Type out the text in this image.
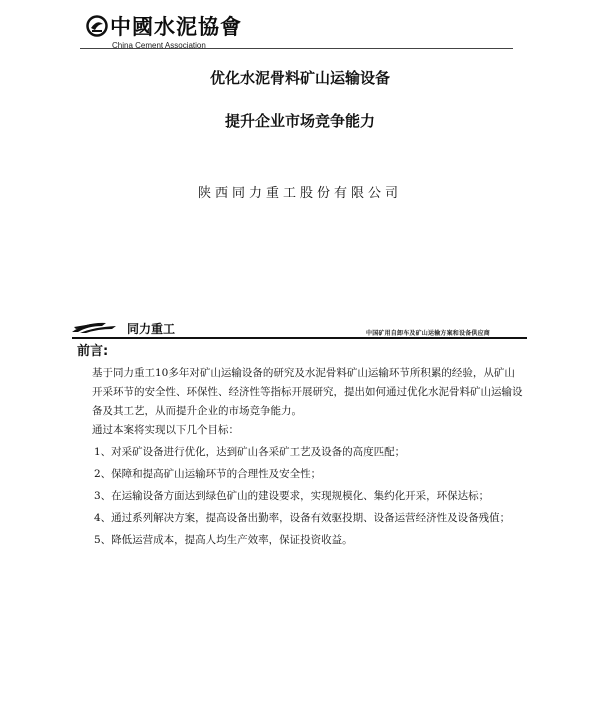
中國水泥協會
China Cement Association
优化水泥骨料矿山运输设备
提升企业市场竞争能力
陕西同力重工股份有限公司
同力重工	中国矿用自卸车及矿山运输方案和设备供应商
前言:

基于同力重工10多年对矿山运输设备的研究及水泥骨料矿山运输环节所积累的经验，从矿山开采环节的安全性、环保性、经济性等指标开展研究，提出如何通过优化水泥骨料矿山运输设备及其工艺，从而提升企业的市场竞争能力。

通过本案将实现以下几个目标：

1、对采矿设备进行优化，达到矿山各采矿工艺及设备的高度匹配；

2、保障和提高矿山运输环节的合理性及安全性；

3、在运输设备方面达到绿色矿山的建设要求，实现规模化、集约化开采，环保达标；

4、通过系列解决方案，提高设备出勤率，设备有效驱投期、设备运营经济性及设备残值；

5、降低运营成本，提高人均生产效率，保证投资收益。
